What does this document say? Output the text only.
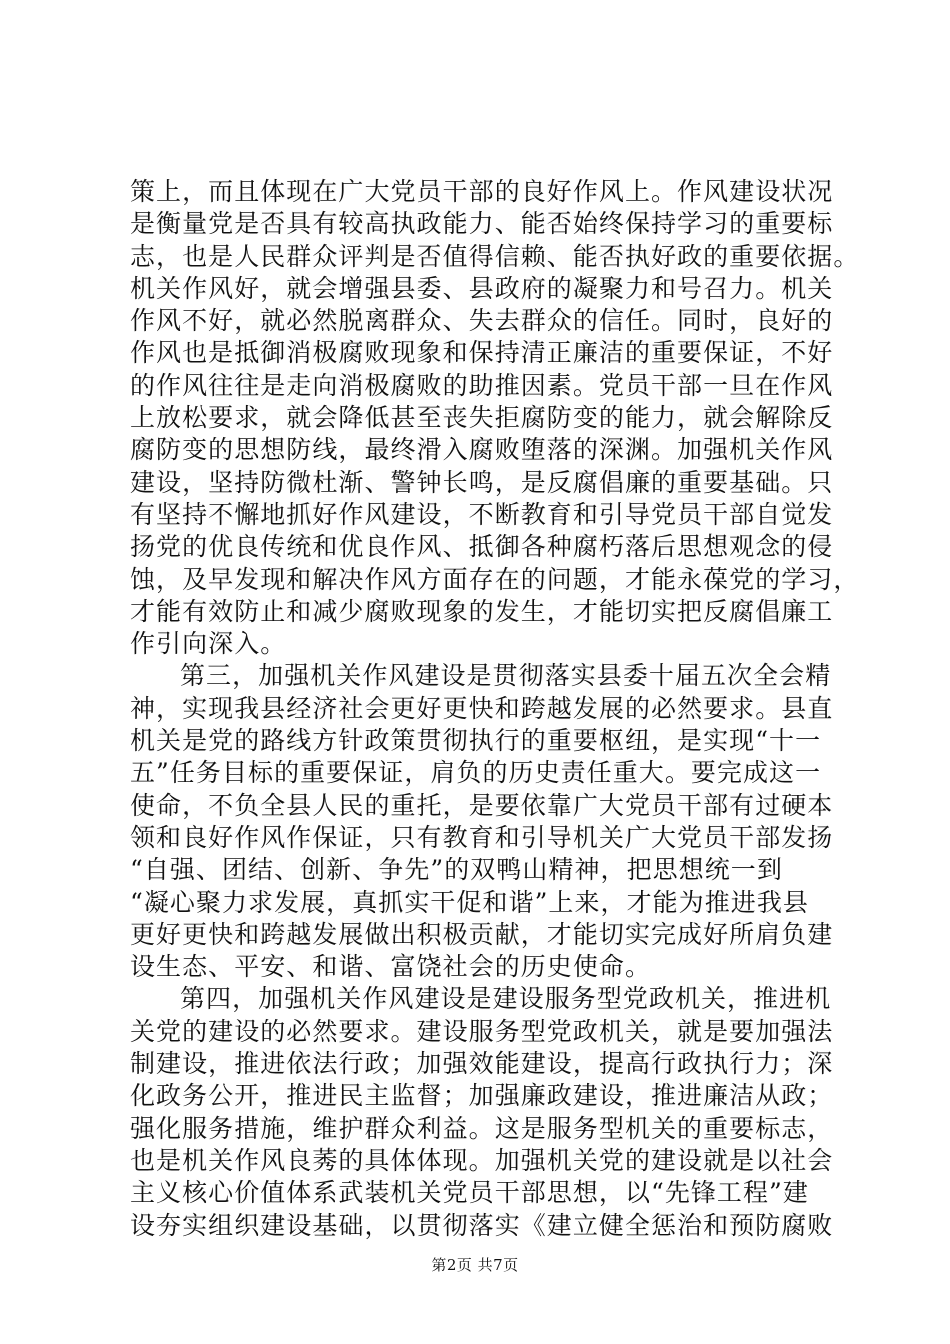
策上，而且体现在广大党员干部的良好作风上。作风建设状况
是衡量党是否具有较高执政能力、能否始终保持学习的重要标
志，也是人民群众评判是否值得信赖、能否执好政的重要依据。
机关作风好，就会增强县委、县政府的凝聚力和号召力。机关
作风不好，就必然脱离群众、失去群众的信任。同时，良好的
作风也是抵御消极腐败现象和保持清正廉洁的重要保证，不好
的作风往往是走向消极腐败的助推因素。党员干部一旦在作风
上放松要求，就会降低甚至丧失拒腐防变的能力，就会解除反
腐防变的思想防线，最终滑入腐败堕落的深渊。加强机关作风
建设，坚持防微杜渐、警钟长鸣，是反腐倡廉的重要基础。只
有坚持不懈地抓好作风建设，不断教育和引导党员干部自觉发
扬党的优良传统和优良作风、抵御各种腐朽落后思想观念的侵
蚀，及早发现和解决作风方面存在的问题，才能永葆党的学习，
才能有效防止和减少腐败现象的发生，才能切实把反腐倡廉工
作引向深入。
第三，加强机关作风建设是贯彻落实县委十届五次全会精
神，实现我县经济社会更好更快和跨越发展的必然要求。县直
机关是党的路线方针政策贯彻执行的重要枢纽，是实现“十一
五”任务目标的重要保证，肩负的历史责任重大。要完成这一
使命，不负全县人民的重托，是要依靠广大党员干部有过硬本
领和良好作风作保证，只有教育和引导机关广大党员干部发扬
“自强、团结、创新、争先”的双鸭山精神，把思想统一到
“凝心聚力求发展，真抓实干促和谐”上来，才能为推进我县
更好更快和跨越发展做出积极贡献，才能切实完成好所肩负建
设生态、平安、和谐、富饶社会的历史使命。
第四，加强机关作风建设是建设服务型党政机关，推进机
关党的建设的必然要求。建设服务型党政机关，就是要加强法
制建设，推进依法行政；加强效能建设，提高行政执行力；深
化政务公开，推进民主监督；加强廉政建设，推进廉洁从政；
强化服务措施，维护群众利益。这是服务型机关的重要标志，
也是机关作风良莠的具体体现。加强机关党的建设就是以社会
主义核心价值体系武装机关党员干部思想，以“先锋工程”建
设夯实组织建设基础，以贯彻落实《建立健全惩治和预防腐败
第2页 共7页
